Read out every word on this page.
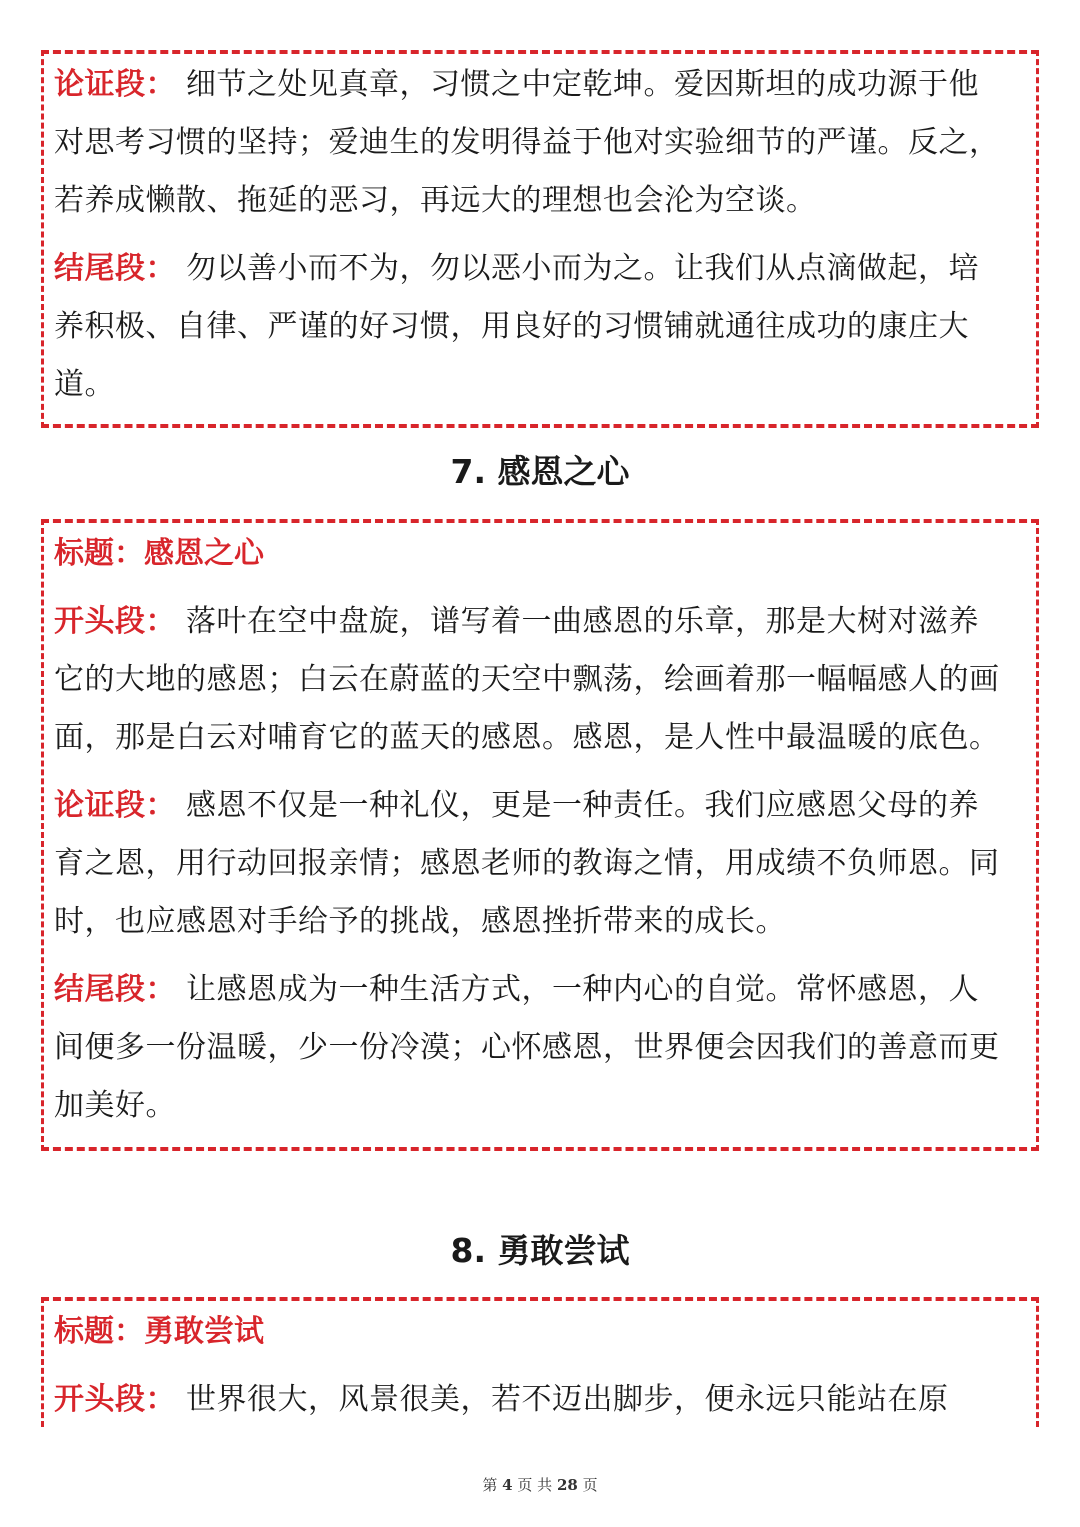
论证段： 细节之处见真章，习惯之中定乾坤。爱因斯坦的成功源于他对思考习惯的坚持；爱迪生的发明得益于他对实验细节的严谨。反之，若养成懒散、拖延的恶习，再远大的理想也会沦为空谈。

结尾段： 勿以善小而不为，勿以恶小而为之。让我们从点滴做起，培养积极、自律、严谨的好习惯，用良好的习惯铺就通往成功的康庄大道。

7. 感恩之心

标题：感恩之心

开头段： 落叶在空中盘旋，谱写着一曲感恩的乐章，那是大树对滋养它的大地的感恩；白云在蔚蓝的天空中飘荡，绘画着那一幅幅感人的画面，那是白云对哺育它的蓝天的感恩。感恩，是人性中最温暖的底色。

论证段： 感恩不仅是一种礼仪，更是一种责任。我们应感恩父母的养育之恩，用行动回报亲情；感恩老师的教诲之情，用成绩不负师恩。同时，也应感恩对手给予的挑战，感恩挫折带来的成长。

结尾段： 让感恩成为一种生活方式，一种内心的自觉。常怀感恩，人间便多一份温暖，少一份冷漠；心怀感恩，世界便会因我们的善意而更加美好。

8. 勇敢尝试

标题：勇敢尝试

开头段： 世界很大，风景很美，若不迈出脚步，便永远只能站在原

第 4 页 共 28 页
